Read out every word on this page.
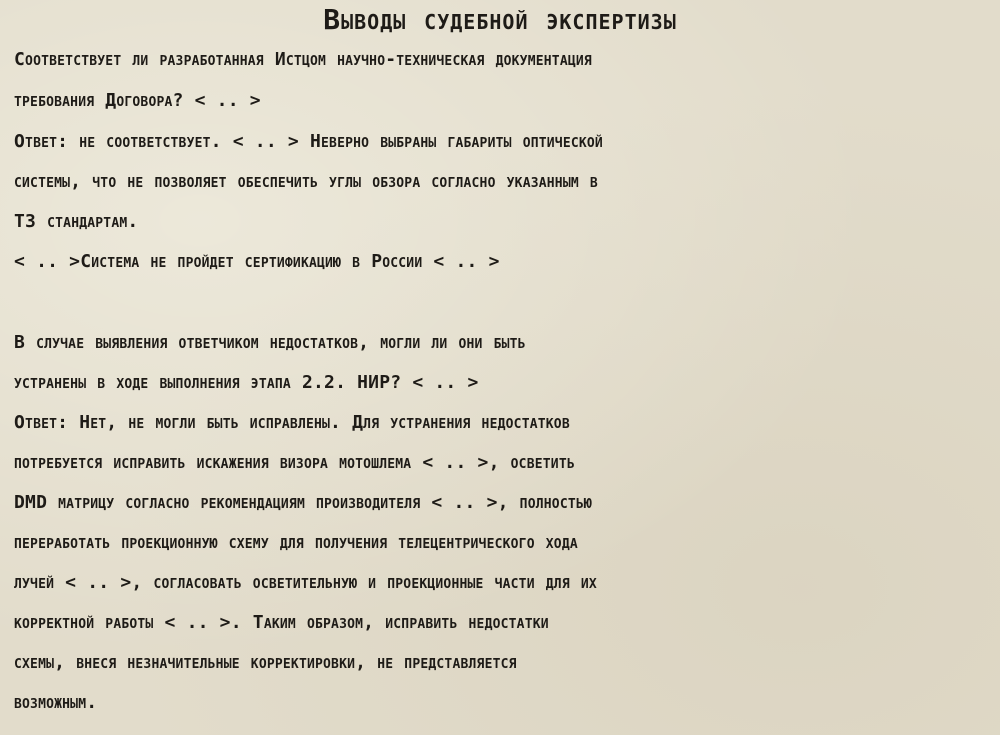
Выводы судебной экспертизы
Соответствует ли разработанная Истцом научно-техническая документация
требования Договора? < .. >
Ответ: не соответствует. < .. > Неверно выбраны габариты оптической
системы, что не позволяет обеспечить углы обзора согласно указанным в
ТЗ стандартам.
< .. >Система не пройдет сертификацию в России < .. >
В случае выявления ответчиком недостатков, могли ли они быть
устранены в ходе выполнения этапа 2.2. НИР? < .. >
Ответ: Нет, не могли быть исправлены. Для устранения недостатков
потребуется исправить искажения визора мотошлема < .. >, осветить
DMD матрицу согласно рекомендациям производителя < .. >, полностью
переработать проекционную схему для получения телецентрического хода
лучей < .. >, согласовать осветительную и проекционные части для их
корректной работы < .. >. Таким образом, исправить недостатки
схемы, внеся незначительные корректировки, не представляется
возможным.
